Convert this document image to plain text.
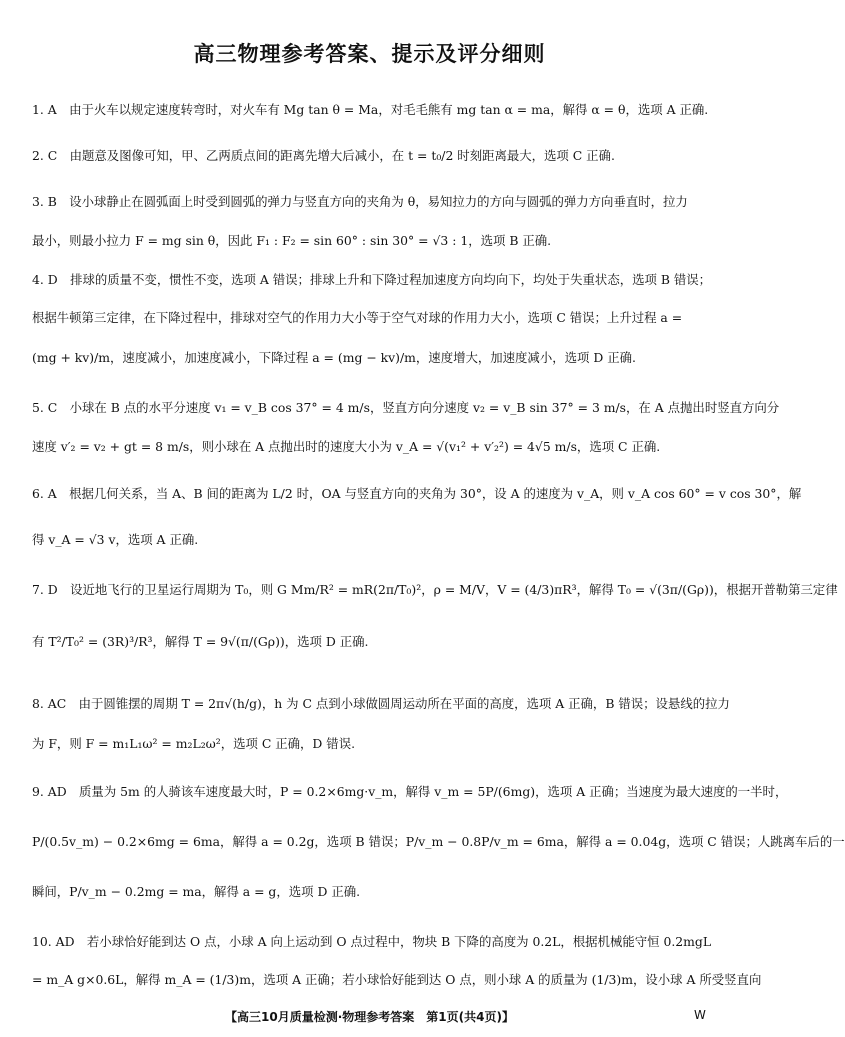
高三物理参考答案、提示及评分细则
1. A　由于火车以规定速度转弯时，对火车有 Mg tan θ = Ma，对毛毛熊有 mg tan α = ma，解得 α = θ，选项 A 正确.
2. C　由题意及图像可知，甲、乙两质点间的距离先增大后减小，在 t = t₀/2 时刻距离最大，选项 C 正确.
3. B　设小球静止在圆弧面上时受到圆弧的弹力与竖直方向的夹角为 θ，易知拉力的方向与圆弧的弹力方向垂直时，拉力
最小，则最小拉力 F = mg sin θ，因此 F₁ : F₂ = sin 60° : sin 30° = √3 : 1，选项 B 正确.
4. D　排球的质量不变，惯性不变，选项 A 错误；排球上升和下降过程加速度方向均向下，均处于失重状态，选项 B 错误；
根据牛顿第三定律，在下降过程中，排球对空气的作用力大小等于空气对球的作用力大小，选项 C 错误；上升过程 a =
(mg + kv)/m，速度减小，加速度减小，下降过程 a = (mg − kv)/m，速度增大，加速度减小，选项 D 正确.
5. C　小球在 B 点的水平分速度 v₁ = v_B cos 37° = 4 m/s，竖直方向分速度 v₂ = v_B sin 37° = 3 m/s，在 A 点抛出时竖直方向分
速度 v′₂ = v₂ + gt = 8 m/s，则小球在 A 点抛出时的速度大小为 v_A = √(v₁² + v′₂²) = 4√5 m/s，选项 C 正确.
6. A　根据几何关系，当 A、B 间的距离为 L/2 时，OA 与竖直方向的夹角为 30°，设 A 的速度为 v_A，则 v_A cos 60° = v cos 30°，解
得 v_A = √3 v，选项 A 正确.
7. D　设近地飞行的卫星运行周期为 T₀，则 G Mm/R² = mR(2π/T₀)²，ρ = M/V，V = (4/3)πR³，解得 T₀ = √(3π/(Gρ))，根据开普勒第三定律
有 T²/T₀² = (3R)³/R³，解得 T = 9√(π/(Gρ))，选项 D 正确.
8. AC　由于圆锥摆的周期 T = 2π√(h/g)，h 为 C 点到小球做圆周运动所在平面的高度，选项 A 正确，B 错误；设悬线的拉力
为 F，则 F = m₁L₁ω² = m₂L₂ω²，选项 C 正确，D 错误.
9. AD　质量为 5m 的人骑该车速度最大时，P = 0.2×6mg·v_m，解得 v_m = 5P/(6mg)，选项 A 正确；当速度为最大速度的一半时，
P/(0.5v_m) − 0.2×6mg = 6ma，解得 a = 0.2g，选项 B 错误；P/v_m − 0.8P/v_m = 6ma，解得 a = 0.04g，选项 C 错误；人跳离车后的一
瞬间，P/v_m − 0.2mg = ma，解得 a = g，选项 D 正确.
10. AD　若小球恰好能到达 O 点，小球 A 向上运动到 O 点过程中，物块 B 下降的高度为 0.2L，根据机械能守恒 0.2mgL
= m_A g×0.6L，解得 m_A = (1/3)m，选项 A 正确；若小球恰好能到达 O 点，则小球 A 的质量为 (1/3)m，设小球 A 所受竖直向
【高三10月质量检测·物理参考答案　第1页(共4页)】	W
